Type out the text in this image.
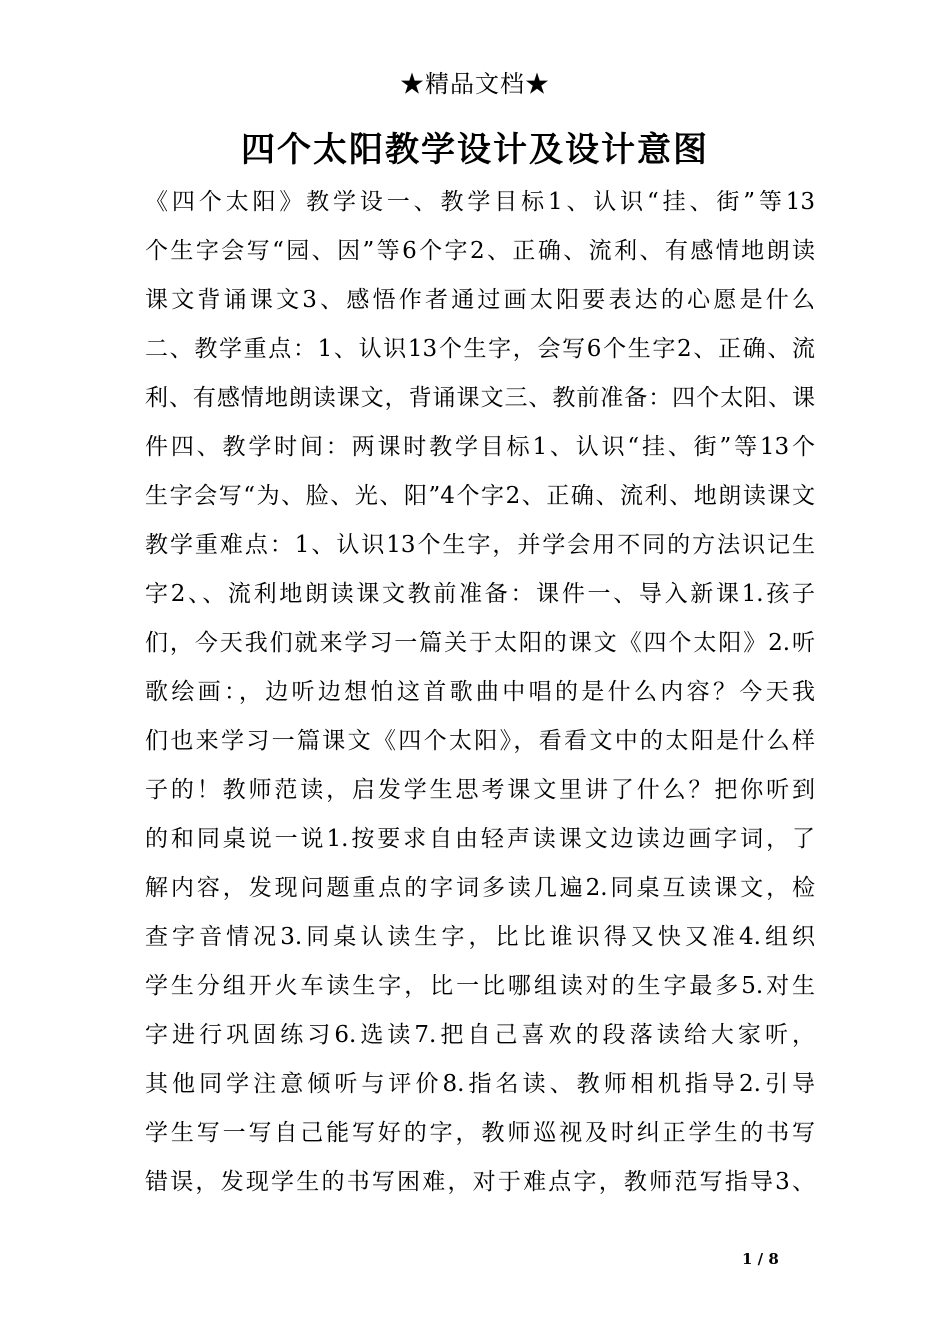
★精品文档★
四个太阳教学设计及设计意图
《四个太阳》教学设一、教学目标1、认识“挂、街”等13
个生字会写“园、因”等6个字2、正确、流利、有感情地朗读
课文背诵课文3、感悟作者通过画太阳要表达的心愿是什么
二、教学重点：1、认识13个生字，会写6个生字2、正确、流
利、有感情地朗读课文，背诵课文三、教前准备：四个太阳、课
件四、教学时间：两课时教学目标1、认识“挂、街”等13个
生字会写“为、脸、光、阳”4个字2、正确、流利、地朗读课文
教学重难点：1、认识13个生字，并学会用不同的方法识记生
字2、、流利地朗读课文教前准备：课件一、导入新课1.孩子
们，今天我们就来学习一篇关于太阳的课文《四个太阳》2.听
歌绘画：，边听边想怕这首歌曲中唱的是什么内容？今天我
们也来学习一篇课文《四个太阳》，看看文中的太阳是什么样
子的！教师范读，启发学生思考课文里讲了什么？把你听到
的和同桌说一说1.按要求自由轻声读课文边读边画字词，了
解内容，发现问题重点的字词多读几遍2.同桌互读课文，检
查字音情况3.同桌认读生字，比比谁识得又快又准4.组织
学生分组开火车读生字，比一比哪组读对的生字最多5.对生
字进行巩固练习6.选读7.把自己喜欢的段落读给大家听，
其他同学注意倾听与评价8.指名读、教师相机指导2.引导
学生写一写自己能写好的字，教师巡视及时纠正学生的书写
错误，发现学生的书写困难，对于难点字，教师范写指导3、
1 / 8
